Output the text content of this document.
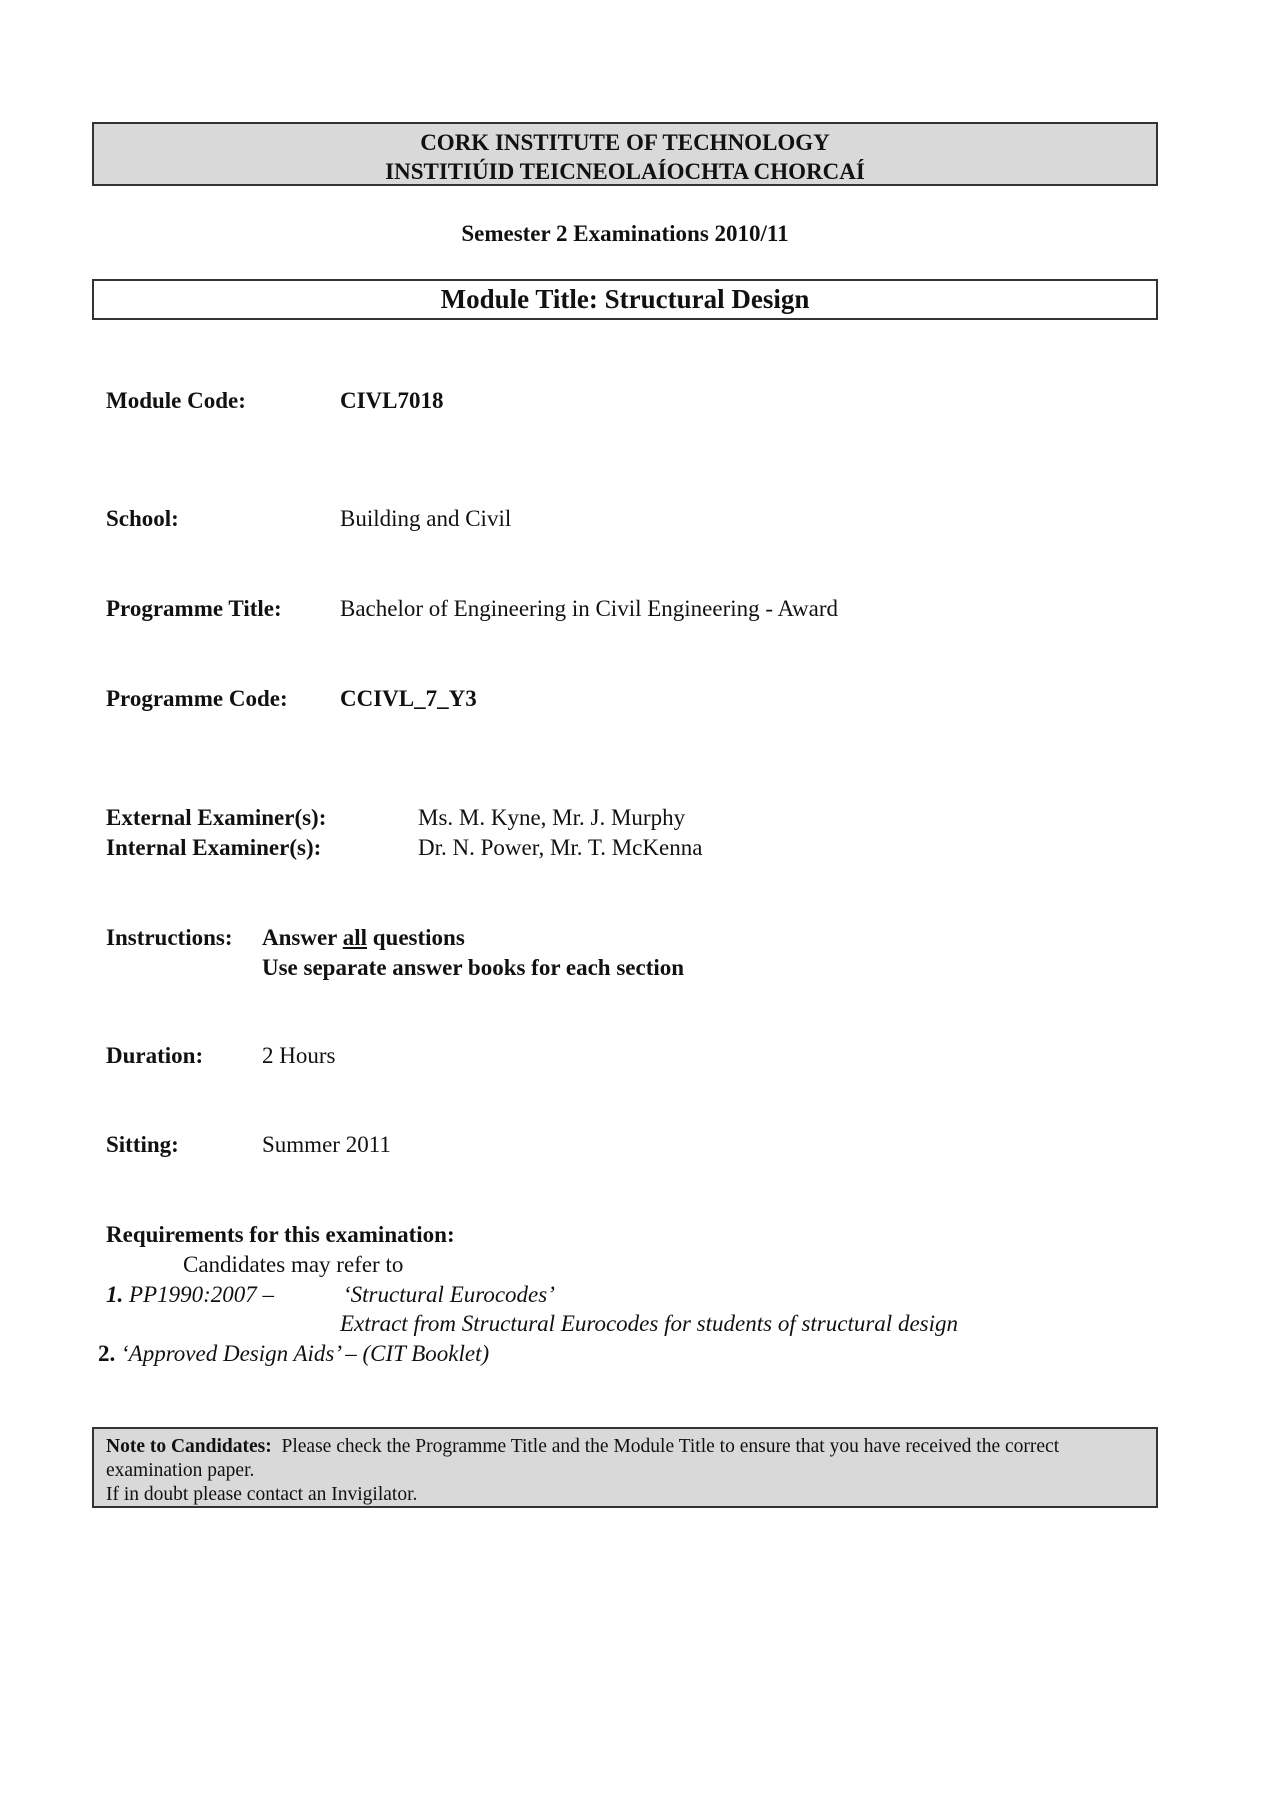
CORK INSTITUTE OF TECHNOLOGY
INSTITIÚID TEICNEOLAÍOCHTA CHORCAÍ
Semester 2 Examinations 2010/11
Module Title: Structural Design
Module Code:	CIVL7018
School:	Building and Civil
Programme Title:	Bachelor of Engineering in Civil Engineering - Award
Programme Code: CCIVL_7_Y3
External Examiner(s):	Ms. M. Kyne, Mr. J. Murphy
Internal Examiner(s):	Dr. N. Power, Mr. T. McKenna
Instructions: Answer all questions
Use separate answer books for each section
Duration:	2 Hours
Sitting:	Summer 2011
Requirements for this examination:
Candidates may refer to
1. PP1990:2007 –	‘Structural Eurocodes’
Extract from Structural Eurocodes for students of structural design
2. ‘Approved Design Aids’ – (CIT Booklet)
Note to Candidates: Please check the Programme Title and the Module Title to ensure that you have received the correct examination paper.
If in doubt please contact an Invigilator.
